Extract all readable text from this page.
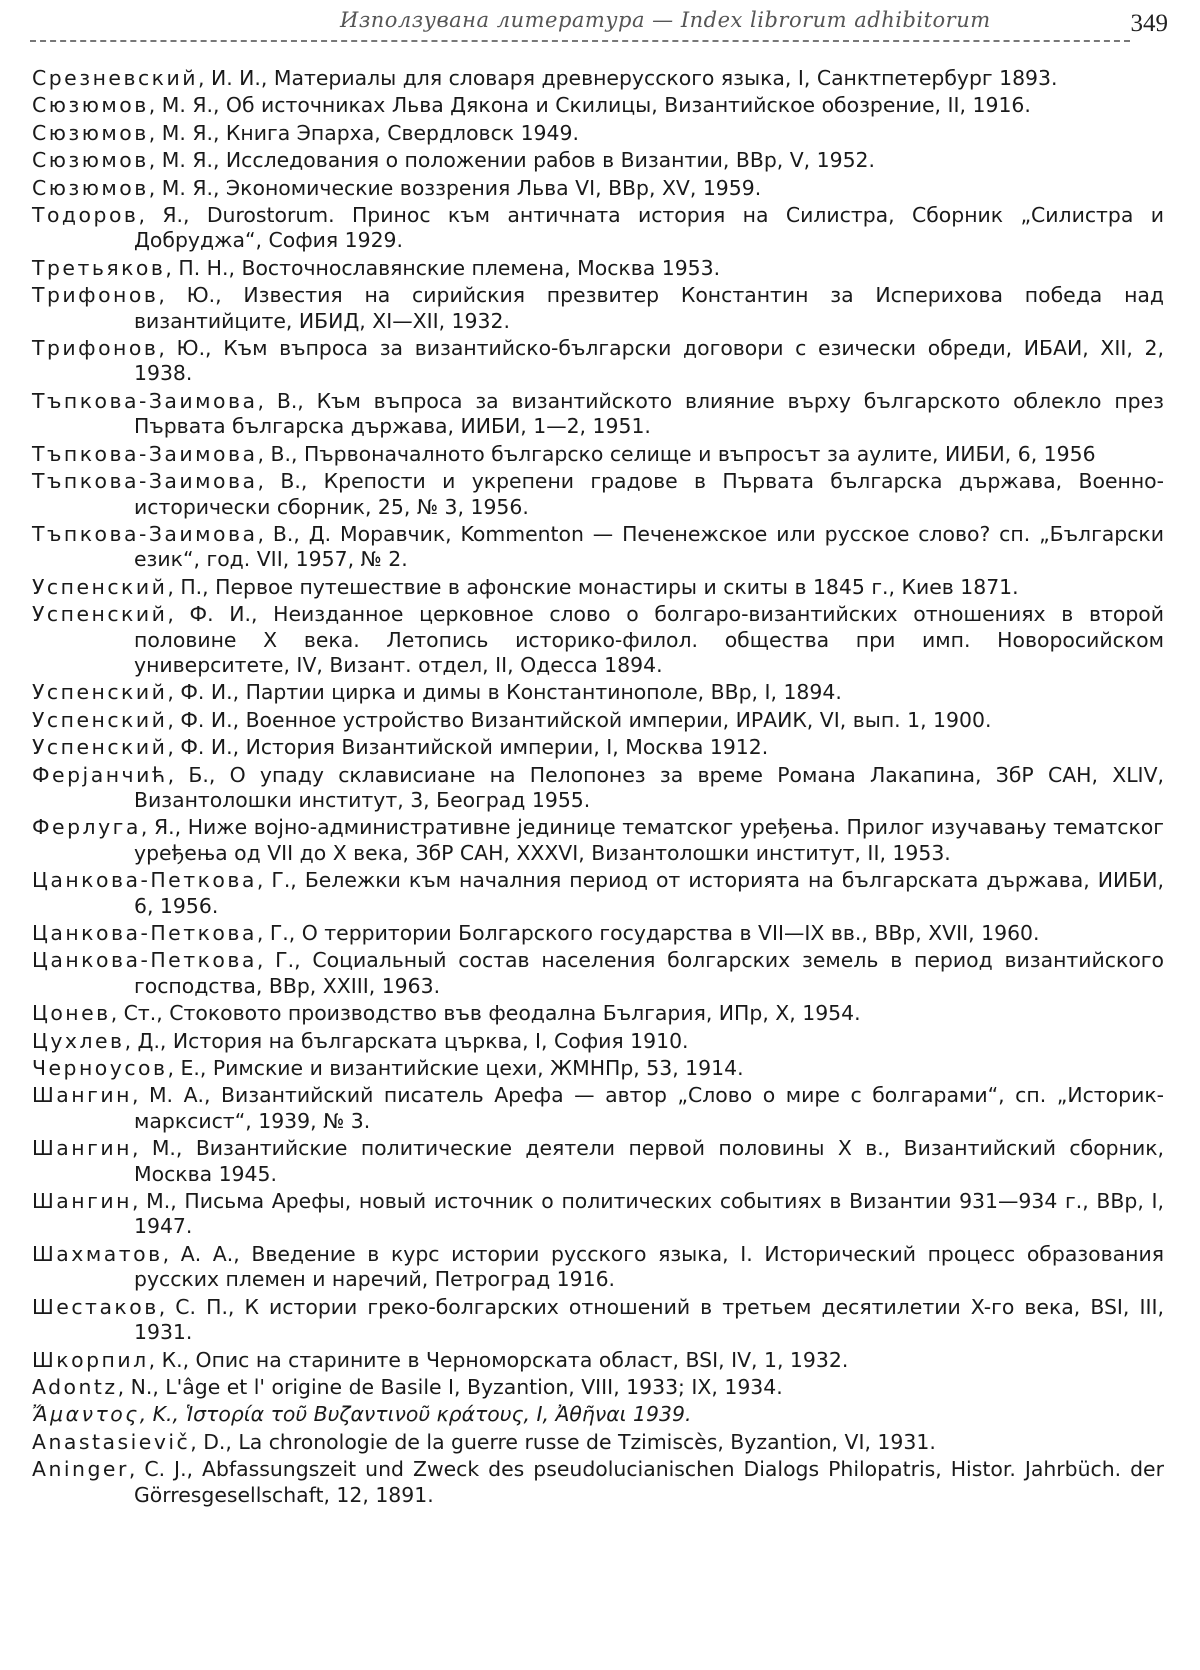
Използувана литература — Index librorum adhibitorum	349

Срезневский, И. И., Материалы для словаря древнерусского языка, I, Санктпетербург 1893.

Сюзюмов, М. Я., Об источниках Льва Дякона и Скилицы, Византийское обозрение, II, 1916.

Сюзюмов, М. Я., Книга Эпарха, Свердловск 1949.

Сюзюмов, М. Я., Исследования о положении рабов в Византии, ВВр, V, 1952.

Сюзюмов, М. Я., Экономические воззрения Льва VI, ВВр, XV, 1959.

Тодоров, Я., Durostorum. Принос към античната история на Силистра, Сборник „Силистра и Добруджа“, София 1929.

Третьяков, П. Н., Восточнославянские племена, Москва 1953.

Трифонов, Ю., Известия на сирийския презвитер Константин за Исперихова победа над византийците, ИБИД, XI—XII, 1932.

Трифонов, Ю., Към въпроса за византийско-български договори с езически обреди, ИБАИ, XII, 2, 1938.

Тъпкова-Заимова, В., Към въпроса за византийското влияние върху българското облекло през Първата българска държава, ИИБИ, 1—2, 1951.

Тъпкова-Заимова, В., Първоначалното българско селище и въпросът за аулите, ИИБИ, 6, 1956

Тъпкова-Заимова, В., Крепости и укрепени градове в Първата българска държава, Военно-исторически сборник, 25, № 3, 1956.

Тъпкова-Заимова, В., Д. Моравчик, Kommenton — Печенежское или русское слово? сп. „Български език“, год. VII, 1957, № 2.

Успенский, П., Первое путешествие в афонские монастиры и скиты в 1845 г., Киев 1871.

Успенский, Ф. И., Неизданное церковное слово о болгаро-византийских отношениях в второй половине X века. Летопись историко-филол. общества при имп. Новоросийском университете, IV, Визант. отдел, II, Одесса 1894.

Успенский, Ф. И., Партии цирка и димы в Константинополе, ВВр, I, 1894.

Успенский, Ф. И., Военное устройство Византийской империи, ИРАИК, VI, вып. 1, 1900.

Успенский, Ф. И., История Византийской империи, I, Москва 1912.

Ферјанчић, Б., О упаду склависиане на Пелопонез за време Романа Лакапина, ЗбР САН, XLIV, Византолошки институт, 3, Београд 1955.

Ферлуга, Я., Ниже војно-административне јединице тематског уређења. Прилог изучавању тематског уређења од VII до X века, ЗбР САН, XXXVI, Византолошки институт, II, 1953.

Цанкова-Петкова, Г., Бележки към началния период от историята на българската държава, ИИБИ, 6, 1956.

Цанкова-Петкова, Г., О территории Болгарского государства в VII—IX вв., ВВр, XVII, 1960.

Цанкова-Петкова, Г., Социальный состав населения болгарских земель в период византийского господства, ВВр, XXIII, 1963.

Цонев, Ст., Стоковото производство във феодална България, ИПр, X, 1954.

Цухлев, Д., История на българската църква, I, София 1910.

Черноусов, Е., Римские и византийские цехи, ЖМНПр, 53, 1914.

Шангин, М. А., Византийский писатель Арефа — автор „Слово о мире с болгарами“, сп. „Историк-марксист“, 1939, № 3.

Шангин, М., Византийские политические деятели первой половины X в., Византийский сборник, Москва 1945.

Шангин, М., Письма Арефы, новый источник о политических событиях в Византии 931—934 г., ВВр, I, 1947.

Шахматов, А. А., Введение в курс истории русского языка, I. Исторический процесс образования русских племен и наречий, Петроград 1916.

Шестаков, С. П., К истории греко-болгарских отношений в третьем десятилетии X-го века, BSI, III, 1931.

Шкорпил, К., Опис на старините в Черноморската област, BSI, IV, 1, 1932.

Adontz, N., L'âge et l' origine de Basile I, Byzantion, VIII, 1933; IX, 1934.

Ἄμαντος, Κ., Ἱστορία τοῦ Βυζαντινοῦ κράτους, I, Ἀθῆναι 1939.

Anastasievič, D., La chronologie de la guerre russe de Tzimiscès, Byzantion, VI, 1931.

Aninger, C. J., Abfassungszeit und Zweck des pseudolucianischen Dialogs Philopatris, Histor. Jahrbüch. der Görresgesellschaft, 12, 1891.
